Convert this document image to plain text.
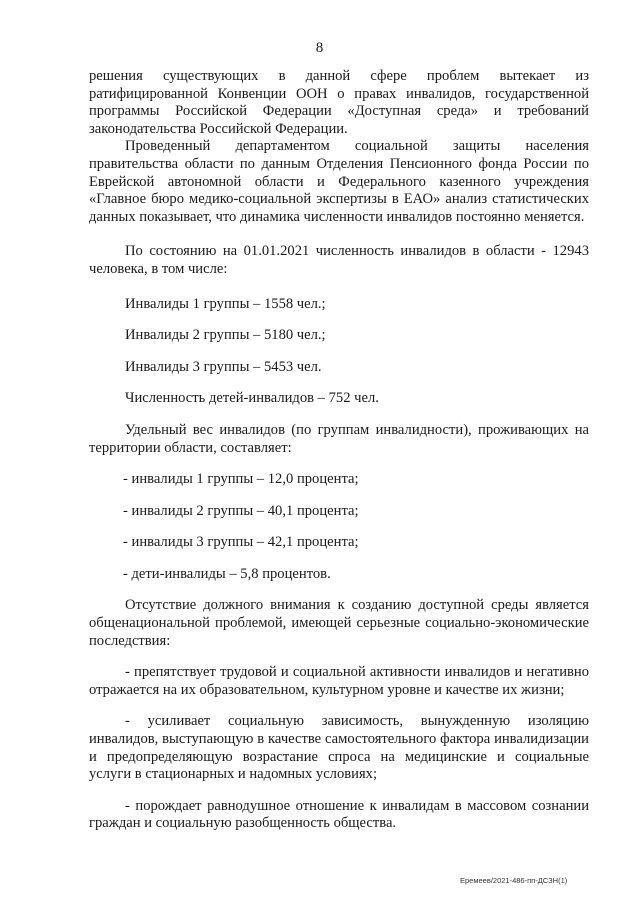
8

решения существующих в данной сфере проблем вытекает из ратифицированной Конвенции ООН о правах инвалидов, государственной программы Российской Федерации «Доступная среда» и требований законодательства Российской Федерации.

Проведенный департаментом социальной защиты населения правительства области по данным Отделения Пенсионного фонда России по Еврейской автономной области и Федерального казенного учреждения «Главное бюро медико-социальной экспертизы в ЕАО» анализ статистических данных показывает, что динамика численности инвалидов постоянно меняется.

По состоянию на 01.01.2021 численность инвалидов в области - 12943 человека, в том числе:

Инвалиды 1 группы – 1558 чел.;

Инвалиды 2 группы – 5180 чел.;

Инвалиды 3 группы – 5453 чел.

Численность детей-инвалидов – 752 чел.

Удельный вес инвалидов (по группам инвалидности), проживающих на территории области, составляет:

- инвалиды 1 группы – 12,0 процента;

- инвалиды 2 группы – 40,1 процента;

- инвалиды 3 группы – 42,1 процента;

- дети-инвалиды – 5,8 процентов.

Отсутствие должного внимания к созданию доступной среды является общенациональной проблемой, имеющей серьезные социально-экономические последствия:

- препятствует трудовой и социальной активности инвалидов и негативно отражается на их образовательном, культурном уровне и качестве их жизни;

- усиливает социальную зависимость, вынужденную изоляцию инвалидов, выступающую в качестве самостоятельного фактора инвалидизации и предопределяющую возрастание спроса на медицинские и социальные услуги в стационарных и надомных условиях;

- порождает равнодушное отношение к инвалидам в массовом сознании граждан и социальную разобщенность общества.

Еремеев/2021-486-пп-ДСЗН(1)
